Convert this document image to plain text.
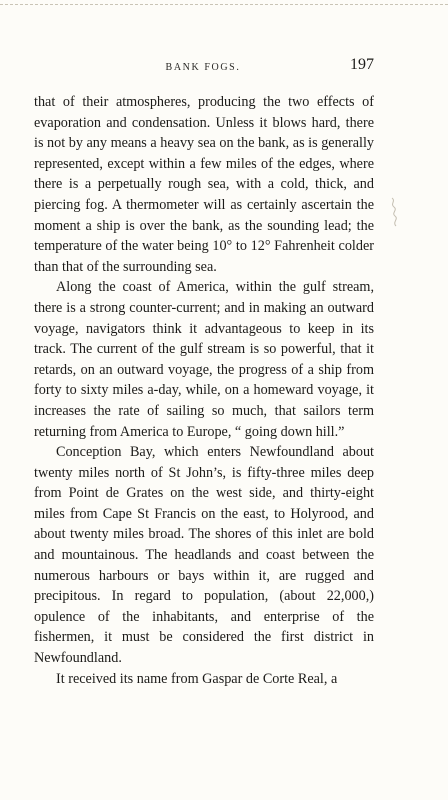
BANK FOGS.	197

that of their atmospheres, producing the two effects of evaporation and condensation. Unless it blows hard, there is not by any means a heavy sea on the bank, as is generally represented, except within a few miles of the edges, where there is a perpetually rough sea, with a cold, thick, and piercing fog. A thermometer will as certainly ascertain the moment a ship is over the bank, as the sounding lead; the temperature of the water being 10° to 12° Fahrenheit colder than that of the surrounding sea.

Along the coast of America, within the gulf stream, there is a strong counter-current; and in making an outward voyage, navigators think it advantageous to keep in its track. The current of the gulf stream is so powerful, that it retards, on an outward voyage, the progress of a ship from forty to sixty miles a-day, while, on a homeward voyage, it increases the rate of sailing so much, that sailors term returning from America to Europe, “ going down hill.”

Conception Bay, which enters Newfoundland about twenty miles north of St John’s, is fifty-three miles deep from Point de Grates on the west side, and thirty-eight miles from Cape St Francis on the east, to Holyrood, and about twenty miles broad. The shores of this inlet are bold and mountainous. The headlands and coast between the numerous harbours or bays within it, are rugged and precipitous. In regard to population, (about 22,000,) opulence of the inhabitants, and enterprise of the fishermen, it must be considered the first district in Newfoundland.

It received its name from Gaspar de Corte Real, a
